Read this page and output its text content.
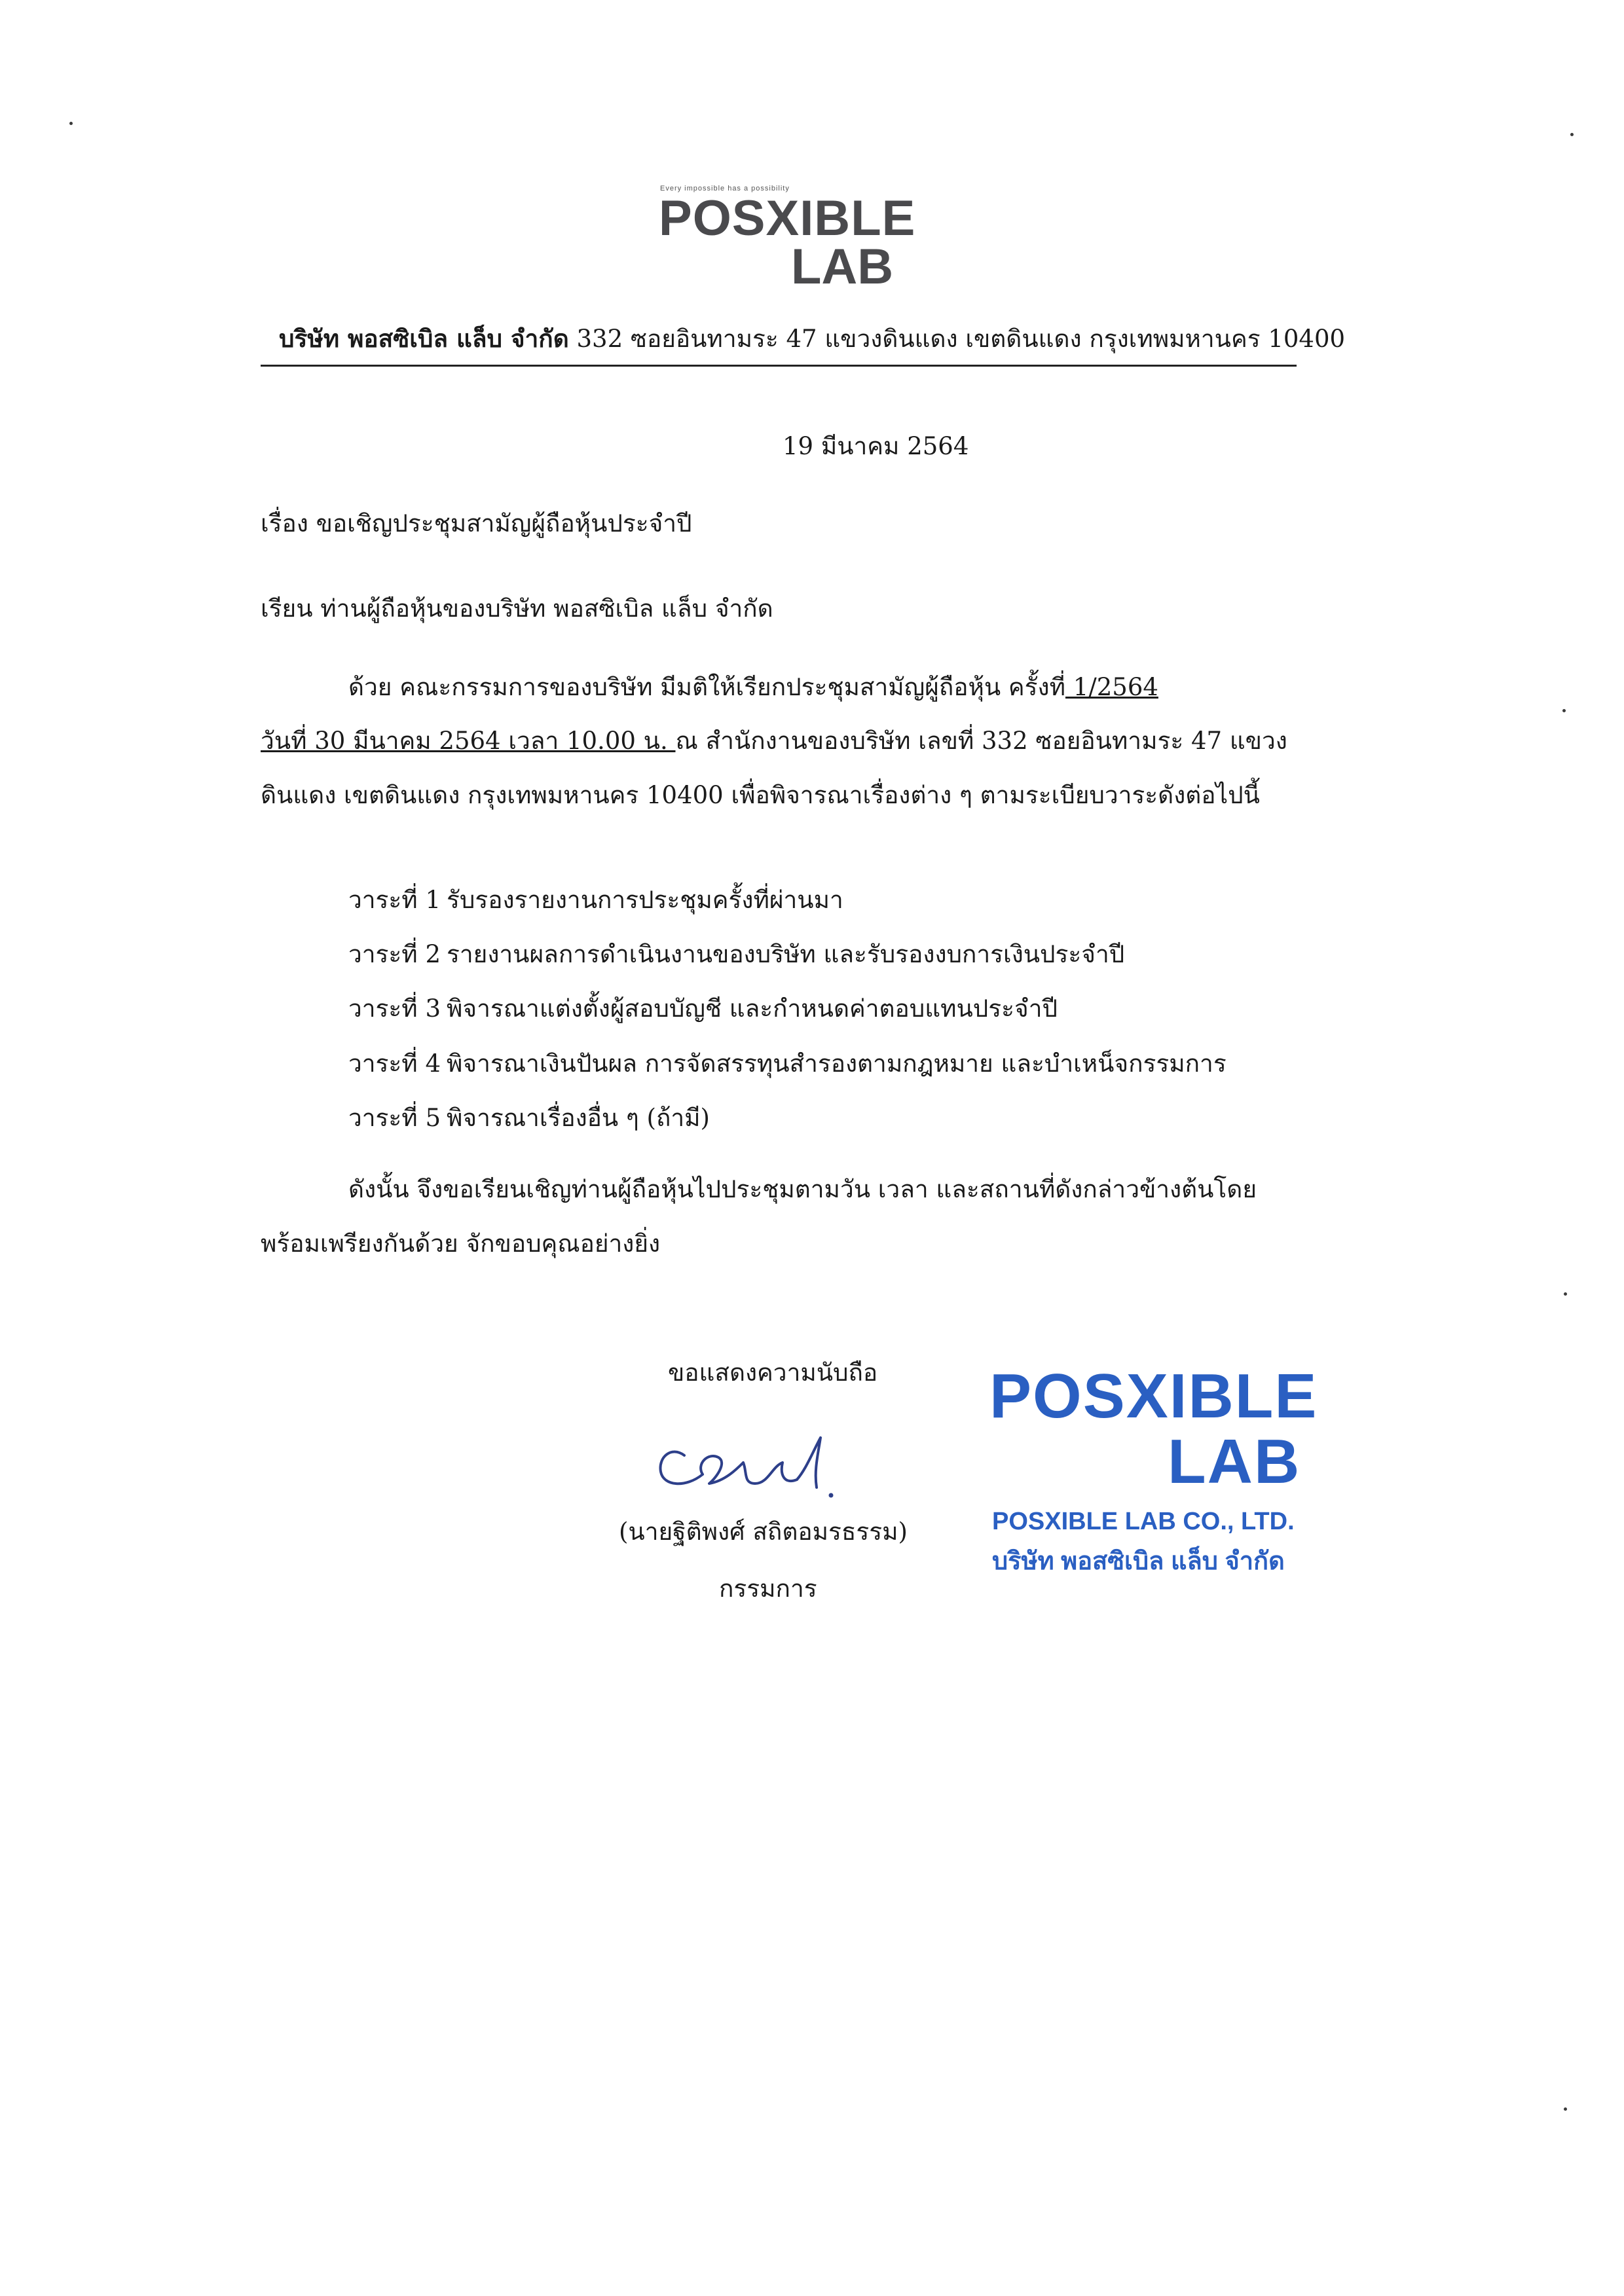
Every impossible has a possibility
POSXIBLE
LAB
บริษัท พอสซิเบิล แล็บ จำกัด 332 ซอยอินทามระ 47 แขวงดินแดง เขตดินแดง กรุงเทพมหานคร 10400
19 มีนาคม 2564
เรื่อง ขอเชิญประชุมสามัญผู้ถือหุ้นประจำปี
เรียน ท่านผู้ถือหุ้นของบริษัท พอสซิเบิล แล็บ จำกัด
ด้วย คณะกรรมการของบริษัท มีมติให้เรียกประชุมสามัญผู้ถือหุ้น ครั้งที่ 1/2564
วันที่ 30 มีนาคม 2564 เวลา 10.00 น. ณ สำนักงานของบริษัท เลขที่ 332 ซอยอินทามระ 47 แขวง
ดินแดง เขตดินแดง กรุงเทพมหานคร 10400 เพื่อพิจารณาเรื่องต่าง ๆ ตามระเบียบวาระดังต่อไปนี้
วาระที่ 1 รับรองรายงานการประชุมครั้งที่ผ่านมา
วาระที่ 2 รายงานผลการดำเนินงานของบริษัท และรับรองงบการเงินประจำปี
วาระที่ 3 พิจารณาแต่งตั้งผู้สอบบัญชี และกำหนดค่าตอบแทนประจำปี
วาระที่ 4 พิจารณาเงินปันผล การจัดสรรทุนสำรองตามกฎหมาย และบำเหน็จกรรมการ
วาระที่ 5 พิจารณาเรื่องอื่น ๆ (ถ้ามี)
ดังนั้น จึงขอเรียนเชิญท่านผู้ถือหุ้นไปประชุมตามวัน เวลา และสถานที่ดังกล่าวข้างต้นโดย
พร้อมเพรียงกันด้วย จักขอบคุณอย่างยิ่ง
ขอแสดงความนับถือ
(นายฐิติพงศ์ สถิตอมรธรรม)
กรรมการ
POSXIBLE
LAB
POSXIBLE LAB CO., LTD.
บริษัท พอสซิเบิล แล็บ จำกัด
